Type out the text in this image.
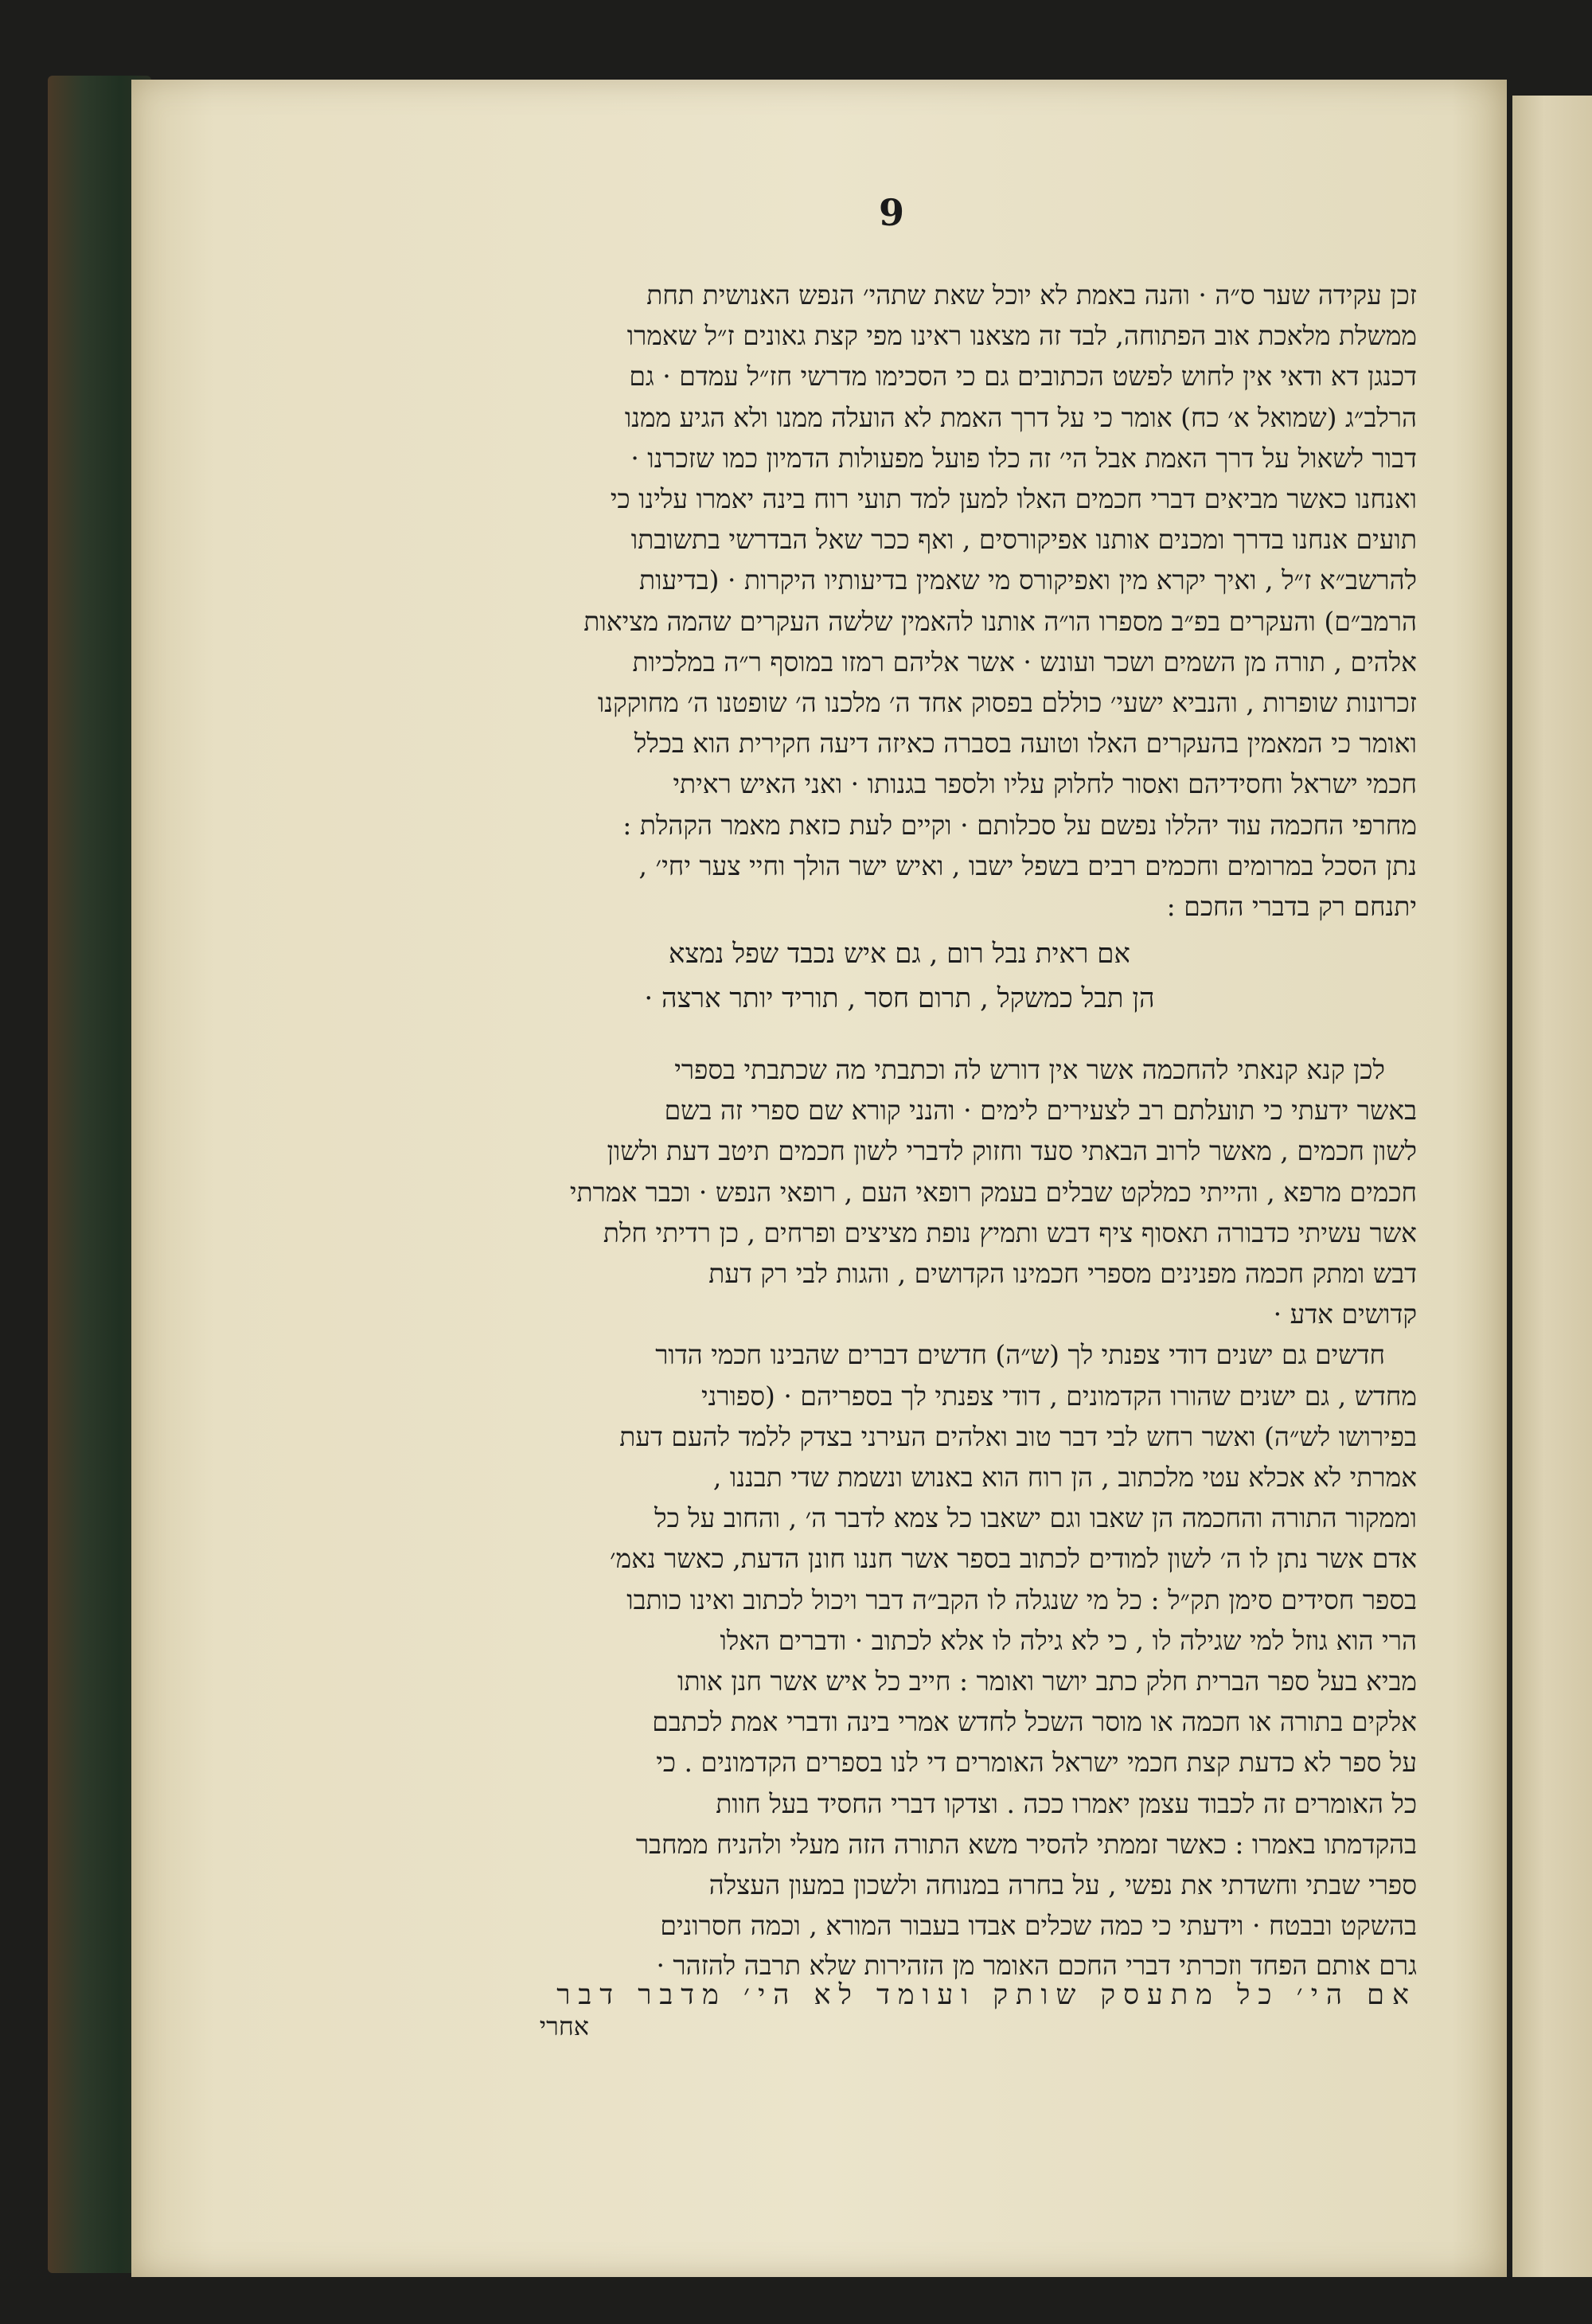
9
זכן עקידה שער ס״ה · והנה באמת לא יוכל שאת שתהי׳ הנפש האנושית תחת
ממשלת מלאכת אוב הפתוחה, לבד זה מצאנו ראינו מפי קצת גאונים ז״ל שאמרו
דכנגן דא ודאי אין לחוש לפשט הכתובים גם כי הסכימו מדרשי חז״ל עמדם · גם
הרלב״ג (שמואל א׳ כח) אומר כי על דרך האמת לא הועלה ממנו ולא הגיע ממנו
דבור לשאול על דרך האמת אבל הי׳ זה כלו פועל מפעולות הדמיון כמו שזכרנו ·
ואנחנו כאשר מביאים דברי חכמים האלו למען למד תועי רוח בינה יאמרו עלינו כי
תועים אנחנו בדרך ומכנים אותנו אפיקורסים , ואף ככר שאל הבדרשי בתשובתו
להרשב״א ז״ל , ואיך יקרא מין ואפיקורס מי שאמין בדיעותיו היקרות · (בדיעות
הרמב״ם) והעקרים בפ״ב מספרו הו״ה אותנו להאמין שלשה העקרים שהמה מציאות
אלהים , תורה מן השמים ושכר ועונש · אשר אליהם רמזו במוסף ר״ה במלכיות
זכרונות שופרות , והנביא ישעי׳ כוללם בפסוק אחד ה׳ מלכנו ה׳ שופטנו ה׳ מחוקקנו
ואומר כי המאמין בהעקרים האלו וטועה בסברה כאיזה דיעה חקירית הוא בכלל
חכמי ישראל וחסידיהם ואסור לחלוק עליו ולספר בגנותו · ואני האיש ראיתי
מחרפי החכמה עוד יהללו נפשם על סכלותם · וקיים לעת כזאת מאמר הקהלת :
נתן הסכל במרומים וחכמים רבים בשפל ישבו , ואיש ישר הולך וחיי צער יחי׳ ,
יתנחם רק בדברי החכם :
אם ראית נבל רום , גם איש נכבד שפל נמצא
הן תבל כמשקל , תרום חסר , תוריד יותר ארצה ·
לכן קנא קנאתי להחכמה אשר אין דורש לה וכתבתי מה שכתבתי בספרי
באשר ידעתי כי תועלתם רב לצעירים לימים · והנני קורא שם ספרי זה בשם
לשון חכמים , מאשר לרוב הבאתי סעד וחזוק לדברי לשון חכמים תיטב דעת ולשון
חכמים מרפא , והייתי כמלקט שבלים בעמק רופאי העם , רופאי הנפש · וכבר אמרתי
אשר עשיתי כדבורה תאסוף ציף דבש ותמיץ נופת מציצים ופרחים , כן רדיתי חלת
דבש ומתק חכמה מפנינים מספרי חכמינו הקדושים , והגות לבי רק דעת
קדושים אדע ·
חדשים גם ישנים דודי צפנתי לך (ש״ה) חדשים דברים שהבינו חכמי הדור
מחדש , גם ישנים שהורו הקדמונים , דודי צפנתי לך בספריהם · (ספורני
בפירושו לש״ה) ואשר רחש לבי דבר טוב ואלהים העירני בצדק ללמד להעם דעת
אמרתי לא אכלא עטי מלכתוב , הן רוח הוא באנוש ונשמת שדי תבננו ,
וממקור התורה והחכמה הן שאבו וגם ישאבו כל צמא לדבר ה׳ , והחוב על כל
אדם אשר נתן לו ה׳ לשון למודים לכתוב בספר אשר חננו חונן הדעת, כאשר נאמ׳
בספר חסידים סימן תק״ל : כל מי שנגלה לו הקב״ה דבר ויכול לכתוב ואינו כותבו
הרי הוא גוזל למי שגילה לו , כי לא גילה לו אלא לכתוב · ודברים האלו
מביא בעל ספר הברית חלק כתב יושר ואומר : חייב כל איש אשר חנן אותו
אלקים בתורה או חכמה או מוסר השכל לחדש אמרי בינה ודברי אמת לכתבם
על ספר לא כדעת קצת חכמי ישראל האומרים די לנו בספרים הקדמונים . כי
כל האומרים זה לכבוד עצמן יאמרו ככה . וצדקו דברי החסיד בעל חוות
בהקדמתו באמרו : כאשר זממתי להסיר משא התורה הזה מעלי ולהניח ממחבר
ספרי שבתי וחשדתי את נפשי , על בחרה במנוחה ולשכון במעון העצלה
בהשקט ובבטח · וידעתי כי כמה שכלים אבדו בעבור המורא , וכמה חסרונים
אם הי׳ כל מתעסק שותק ועומד לא הי׳ מדבר דבר
אחרי
גרם אותם הפחד וזכרתי דברי החכם האומר מן הזהירות שלא תרבה להזהר ·
